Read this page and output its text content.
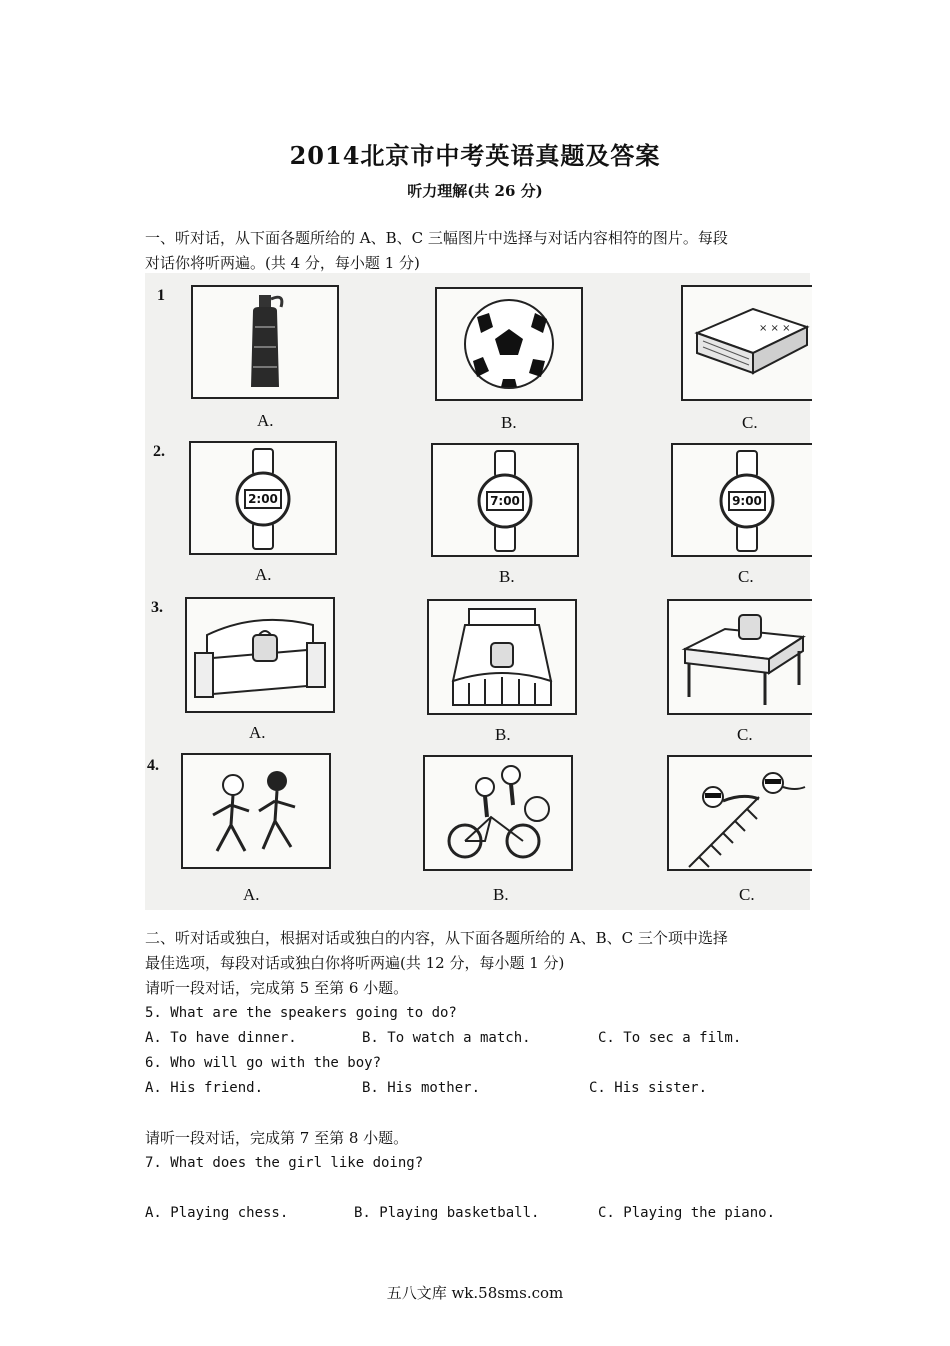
2014北京市中考英语真题及答案
听力理解(共 26 分)
一、听对话，从下面各题所给的 A、B、C 三幅图片中选择与对话内容相符的图片。每段
对话你将听两遍。(共 4 分，每小题 1 分)
1
× × ×
A.	B.	C.
2.
2:00	7:00	9:00
A.	B.	C.
3.
A.	B.	C.
4.
A.	B.	C.
二、听对话或独白，根据对话或独白的内容，从下面各题所给的 A、B、C 三个项中选择
最佳选项，每段对话或独白你将听两遍(共 12 分，每小题 1 分)
请听一段对话，完成第 5 至第 6 小题。
5. What are the speakers going to do?
A. To have dinner.	B. To watch a match.	C. To sec a film.
6. Who will go with the boy?
A. His friend.	B. His mother.	C. His sister.
请听一段对话，完成第 7 至第 8 小题。
7. What does the girl like doing?
A. Playing chess.	B. Playing basketball.	C. Playing the piano.
五八文库 wk.58sms.com
